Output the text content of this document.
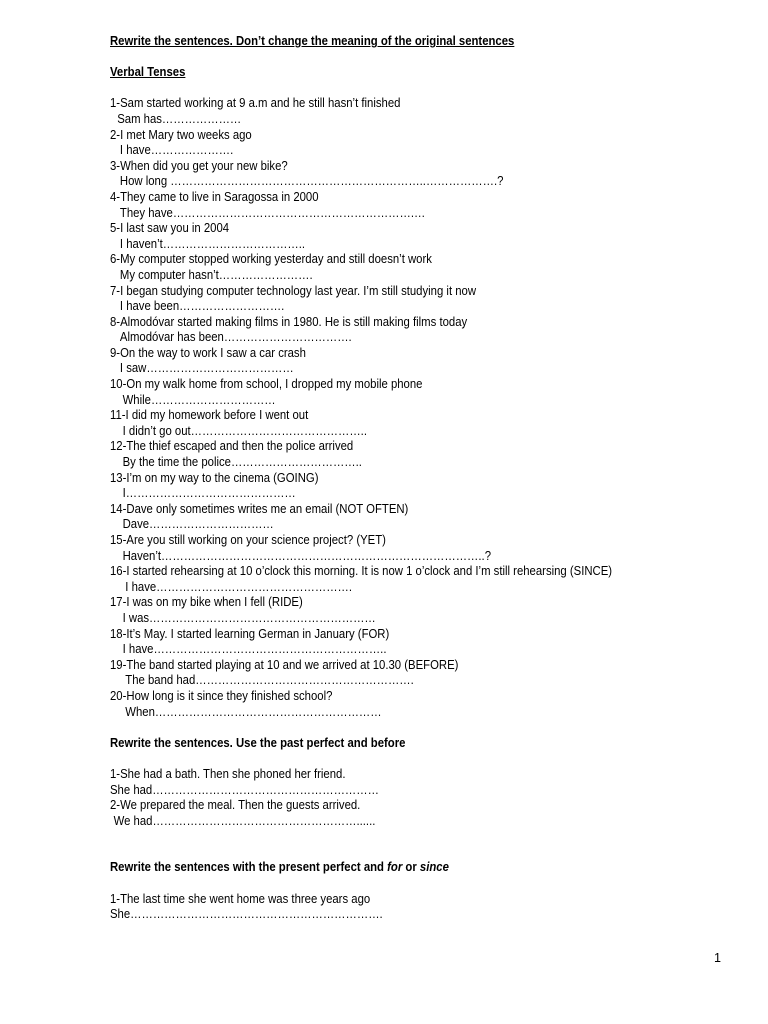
Rewrite the sentences. Don’t change the meaning of the original sentences
Verbal Tenses
1-Sam started working at 9 a.m and he still hasn’t finished
Sam has…………………
2-I met Mary two weeks ago
I have………………….
3-When did you get your new bike?
How long …………………………………………………………..……………….?
4-They came to live in Saragossa in 2000
They have……………………………………………………….…
5-I last saw you in 2004
I haven’t………………………………..
6-My computer stopped working yesterday and still doesn’t work
My computer hasn’t…………………….
7-I began studying computer technology last year. I’m still studying it now
I have been……………………….
8-Almodóvar started making films in 1980. He is still making films today
Almodóvar has been…………………………….
9-On the way to work I saw a car crash
I saw…………………………………
10-On my walk home from school, I dropped my mobile phone
While……………………………
11-I did my homework before I went out
I didn’t go out………………………………………..
12-The thief escaped and then the police arrived
By the time the police……………………………..
13-I’m on my way to the cinema (GOING)
I………………………………………
14-Dave only sometimes writes me an email (NOT OFTEN)
Dave……………………………
15-Are you still working on your science project? (YET)
Haven’t…………………………………………………………………………..?
16-I started rehearsing at 10 o’clock this morning. It is now 1 o’clock and I’m still rehearsing (SINCE)
I have…………………………………………….
17-I was on my bike when I fell (RIDE)
I was……………………………………………………
18-It’s May. I started learning German in January (FOR)
I have……………………………………………………..
19-The band started playing at 10 and we arrived at 10.30 (BEFORE)
The band had………………………………………………….
20-How long is it since they finished school?
When……………………………………………………
Rewrite the sentences. Use the past perfect and before
1-She had a bath. Then she phoned her friend.
She had……………………………………………………
2-We prepared the meal. Then the guests arrived.
We had………………………………………………......
Rewrite the sentences with the present perfect and for or since
1-The last time she went home was three years ago
She………………………………………………………….
1
